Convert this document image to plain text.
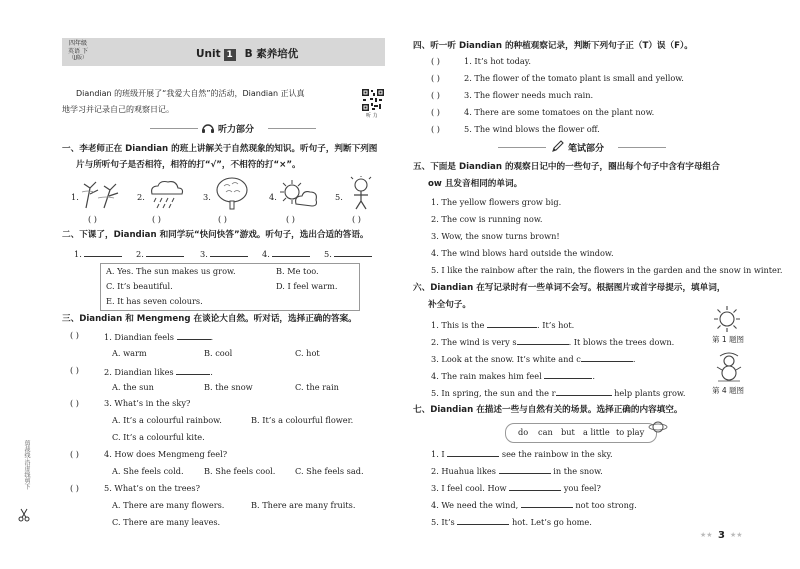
四年级
英语 下
（JJ版）	Unit 1 B 素养培优
Diandian 的班级开展了“我爱大自然”的活动，Diandian 正认真
地学习并记录自己的观察日记。
听 力
听力部分
一、李老师正在 Diandian 的班上讲解关于自然现象的知识。听句子，判断下列图
片与所听句子是否相符，相符的打“√”，不相符的打“×”。
1.	2.	3.	4.	5.
( )	( )	( )	( )	( )
二、下课了，Diandian 和同学玩“快问快答”游戏。听句子，选出合适的答语。
1.	2.	3.	4.	5.
A. Yes. The sun makes us grow.	B. Me too.
C. It’s beautiful.	D. I feel warm.
E. It has seven colours.
三、Diandian 和 Mengmeng 在谈论大自然。听对话，选择正确的答案。
( )	1. Diandian feels	.
A. warm	B. cool	C. hot
( )	2. Diandian likes	.
A. the sun	B. the snow	C. the rain
( )	3. What’s in the sky?
A. It’s a colourful rainbow.	B. It’s a colourful flower.
C. It’s a colourful kite.
( )	4. How does Mengmeng feel?
A. She feels cold. B. She feels cool. C. She feels sad.
( )	5. What’s on the trees?
A. There are many flowers.	B. There are many fruits.
C. There are many leaves.
剪裁线·沿虚线剪下
四、听一听 Diandian 的种植观察记录，判断下列句子正（T）误（F）。
( )	1. It’s hot today.
( )	2. The flower of the tomato plant is small and yellow.
( )	3. The flower needs much rain.
( )	4. There are some tomatoes on the plant now.
( )	5. The wind blows the flower off.
笔试部分
五、下面是 Diandian 的观察日记中的一些句子，圈出每个句子中含有字母组合
ow 且发音相同的单词。
1. The yellow flowers grow big.
2. The cow is running now.
3. Wow, the snow turns brown!
4. The wind blows hard outside the window.
5. I like the rainbow after the rain, the flowers in the garden and the snow in winter.
六、Diandian 在写记录时有一些单词不会写。根据图片或首字母提示，填单词，
补全句子。
1. This is the	. It’s hot.
2. The wind is very s	. It blows the trees down.
3. Look at the snow. It’s white and c	.
4. The rain makes him feel	.
5. In spring, the sun and the r	help plants grow.
第 1 题图
第 4 题图
七、Diandian 在描述一些与自然有关的场景。选择正确的内容填空。
do can but a little to play
1. I	see the rainbow in the sky.
2. Huahua likes	in the snow.
3. I feel cool. How	you feel?
4. We need the wind,	not too strong.
5. It’s	hot. Let’s go home.
★★ 3 ★★
